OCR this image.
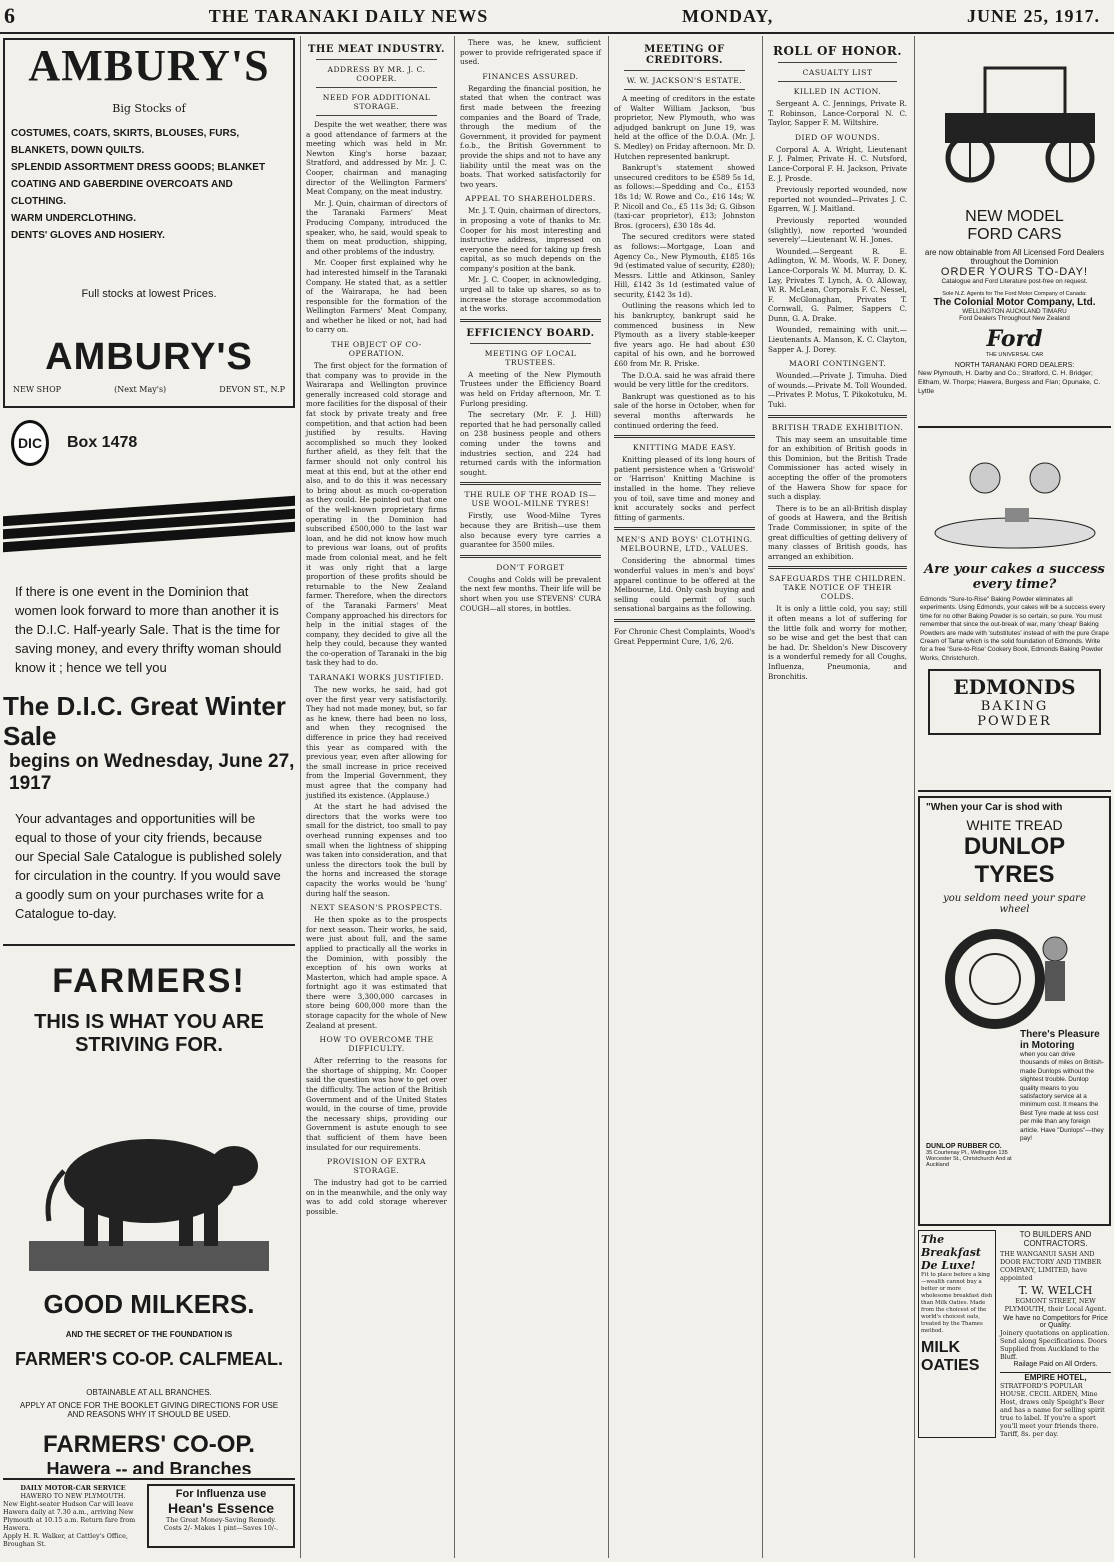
6	THE TARANAKI DAILY NEWS	MONDAY,	JUNE 25, 1917.
AMBURY'S
Big Stocks of
COSTUMES, COATS, SKIRTS, BLOUSES, FURS,
BLANKETS, DOWN QUILTS.
SPLENDID ASSORTMENT DRESS GOODS; BLANKET COATING AND GABERDINE OVERCOATS AND CLOTHING.
WARM UNDERCLOTHING.
DENTS' GLOVES AND HOSIERY.
Full stocks at lowest Prices.
AMBURY'S
NEW SHOP	(Next May's)	DEVON ST., N.P
DIC	Box 1478
If there is one event in the Dominion that women look forward to more than another it is the D.I.C. Half-yearly Sale. That is the time for saving money, and every thrifty woman should know it ; hence we tell you
The D.I.C. Great Winter Sale
begins on Wednesday, June 27, 1917
Your advantages and opportunities will be equal to those of your city friends, because our Special Sale Catalogue is published solely for circulation in the country. If you would save a goodly sum on your purchases write for a Catalogue to-day.
FARMERS!
THIS IS WHAT YOU ARE
STRIVING FOR.
GOOD MILKERS.
AND THE SECRET OF THE FOUNDATION IS
FARMER'S CO-OP. CALFMEAL.
OBTAINABLE AT ALL BRANCHES.
APPLY AT ONCE FOR THE BOOKLET GIVING DIRECTIONS FOR USE AND REASONS WHY IT SHOULD BE USED.
FARMERS' CO-OP.
Hawera -- and Branches
DAILY MOTOR-CAR SERVICE
HAWERO TO NEW PLYMOUTH.
New Eight-seater Hudson Car will leave Hawera daily at 7.30 a.m., arriving New Plymouth at 10.15 a.m. Return fare from Hawera.
Apply H. R. Walker, at Cattley's Office, Broughan St.
For Influenza use
Hean's Essence
The Great Money-Saving Remedy.
Costs 2/- Makes 1 pint—Saves 10/-.
THE MEAT INDUSTRY.
ADDRESS BY MR. J. C. COOPER.
NEED FOR ADDITIONAL STORAGE.

Despite the wet weather, there was a good attendance of farmers at the meeting which was held in Mr. Newton King's horse bazaar, Stratford, and addressed by Mr. J. C. Cooper, chairman and managing director of the Wellington Farmers' Meat Company, on the meat industry.

Mr. J. Quin, chairman of directors of the Taranaki Farmers' Meat Producing Company, introduced the speaker, who, he said, would speak to them on meat production, shipping, and other problems of the industry.

Mr. Cooper first explained why he had interested himself in the Taranaki Company. He stated that, as a settler of the Wairarapa, he had been responsible for the formation of the Wellington Farmers' Meat Company, and whether he liked or not, had had to carry on.

THE OBJECT OF CO-OPERATION.

The first object for the formation of that company was to provide in the Wairarapa and Wellington province generally increased cold storage and more facilities for the disposal of their fat stock by private treaty and free competition, and that action had been justified by results. Having accomplished so much they looked further afield, as they felt that the farmer should not only control his meat at this end, but at the other end also, and to do this it was necessary to bring about as much co-operation as they could. He pointed out that one of the well-known proprietary firms operating in the Dominion had subscribed £500,000 to the last war loan, and he did not know how much to previous war loans, out of profits made from colonial meat, and he felt it was only right that a large proportion of these profits should be returnable to the New Zealand farmer. Therefore, when the directors of the Taranaki Farmers' Meat Company approached his directors for help in the initial stages of the company, they decided to give all the help they could, because they wanted the co-operation of Taranaki in the big task they had to do.

TARANAKI WORKS JUSTIFIED.

The new works, he said, had got over the first year very satisfactorily. They had not made money, but, so far as he knew, there had been no loss, and when they recognised the difference in price they had received this year as compared with the previous year, even after allowing for the small increase in price received from the Imperial Government, they must agree that the company had justified its existence. (Applause.)

At the start he had advised the directors that the works were too small for the district, too small to pay overhead running expenses and too small when the lightness of shipping was taken into consideration, and that unless the directors took the bull by the horns and increased the storage capacity the works would be 'hung' during half the season.

NEXT SEASON'S PROSPECTS.

He then spoke as to the prospects for next season. Their works, he said, were just about full, and the same applied to practically all the works in the Dominion, with possibly the exception of his own works at Masterton, which had ample space. A fortnight ago it was estimated that there were 3,300,000 carcases in store being 600,000 more than the storage capacity for the whole of New Zealand at present.

HOW TO OVERCOME THE DIFFICULTY.

After referring to the reasons for the shortage of shipping, Mr. Cooper said the question was how to get over the difficulty. The action of the British Government and of the United States would, in the course of time, provide the necessary ships, providing our Government is astute enough to see that sufficient of them have been insulated for our requirements.

PROVISION OF EXTRA STORAGE.

The industry had got to be carried on in the meanwhile, and the only way was to add cold storage wherever possible.

There was, he knew, sufficient power to provide refrigerated space if used.

FINANCES ASSURED.

Regarding the financial position, he stated that when the contract was first made between the freezing companies and the Board of Trade, through the medium of the Government, it provided for payment f.o.b., the British Government to provide the ships and not to have any liability until the meat was on the boats. That worked satisfactorily for two years.

APPEAL TO SHAREHOLDERS.

Mr. J. T. Quin, chairman of directors, in proposing a vote of thanks to Mr. Cooper for his most interesting and instructive address, impressed on everyone the need for taking up fresh capital, as so much depends on the company's position at the bank.

Mr. J. C. Cooper, in acknowledging, urged all to take up shares, so as to increase the storage accommodation at the works.

EFFICIENCY BOARD.
MEETING OF LOCAL TRUSTEES.

A meeting of the New Plymouth Trustees under the Efficiency Board was held on Friday afternoon, Mr. T. Furlong presiding.

The secretary (Mr. F. J. Hill) reported that he had personally called on 238 business people and others coming under the towns and industries section, and 224 had returned cards with the information sought.

THE RULE OF THE ROAD IS—USE WOOL-MILNE TYRES!

Firstly, use Wood-Milne Tyres because they are British—use them also because every tyre carries a guarantee for 3500 miles.

DON'T FORGET

Coughs and Colds will be prevalent the next few months. Their life will be short when you use STEVENS' CURA COUGH—all stores, in bottles.

MEETING OF CREDITORS.
W. W. JACKSON'S ESTATE.

A meeting of creditors in the estate of Walter William Jackson, 'bus proprietor, New Plymouth, who was adjudged bankrupt on June 19, was held at the office of the D.O.A. (Mr. J. S. Medley) on Friday afternoon. Mr. D. Hutchen represented bankrupt.

Bankrupt's statement showed unsecured creditors to be £589 5s 1d, as follows:—Spedding and Co., £153 18s 1d; W. Rowe and Co., £16 14s; W. P. Nicoll and Co., £5 11s 3d; G. Gibson (taxi-car proprietor), £13; Johnston Bros. (grocers), £30 18s 4d.

The secured creditors were stated as follows:—Mortgage, Loan and Agency Co., New Plymouth, £185 16s 9d (estimated value of security, £280); Messrs. Little and Atkinson, Sanley Hill, £142 3s 1d (estimated value of security, £142 3s 1d).

Outlining the reasons which led to his bankruptcy, bankrupt said he commenced business in New Plymouth as a livery stable-keeper five years ago. He had about £30 capital of his own, and he borrowed £60 from Mr. R. Priske.

The D.O.A. said he was afraid there would be very little for the creditors.

Bankrupt was questioned as to his sale of the horse in October, when for several months afterwards he continued ordering the feed.

KNITTING MADE EASY.

Knitting pleased of its long hours of patient persistence when a 'Griswold' or 'Harrison' Knitting Machine is installed in the home. They relieve you of toil, save time and money and knit accurately socks and perfect fitting of garments.

MEN'S AND BOYS' CLOTHING. MELBOURNE, LTD., VALUES.

Considering the abnormal times wonderful values in men's and boys' apparel continue to be offered at the Melbourne, Ltd. Only cash buying and selling could permit of such sensational bargains as the following.

For Chronic Chest Complaints, Wood's Great Peppermint Cure, 1/6, 2/6.

ROLL OF HONOR.
CASUALTY LIST
KILLED IN ACTION.

Sergeant A. C. Jennings, Private R. T. Robinson, Lance-Corporal N. C. Taylor, Sapper F. M. Wiltshire.

DIED OF WOUNDS.

Corporal A. A. Wright, Lieutenant F. J. Palmer, Private H. C. Nutsford, Lance-Corporal F. H. Jackson, Private E. J. Prosde.

Previously reported wounded, now reported not wounded—Privates J. C. Egarren, W. J. Maitland.

Previously reported wounded (slightly), now reported 'wounded severely'—Lieutenant W. H. Jones.

Wounded.—Sergeant R. E. Adlington, W. M. Woods, W. F. Doney, Lance-Corporals W. M. Murray, D. K. Lay, Privates T. Lynch, A. O. Alloway, W. R. McLean, Corporals F. C. Nessel, F. McGlonaghan, Privates T. Cornwall, G. Palmer, Sappers C. Dunn, G. A. Drake.

Wounded, remaining with unit.—Lieutenants A. Manson, K. C. Clayton, Sapper A. J. Dorey.

MAORI CONTINGENT.

Wounded.—Private J. Timuha. Died of wounds.—Private M. Toll Wounded.—Privates P. Motus, T. Pikokotuku, M. Tuki.

BRITISH TRADE EXHIBITION.

This may seem an unsuitable time for an exhibition of British goods in this Dominion, but the British Trade Commissioner has acted wisely in accepting the offer of the promoters of the Hawera Show for space for such a display.

There is to be an all-British display of goods at Hawera, and the British Trade Commissioner, in spite of the great difficulties of getting delivery of many classes of British goods, has arranged an exhibition.

SAFEGUARDS THE CHILDREN. TAKE NOTICE OF THEIR COLDS.

It is only a little cold, you say; still it often means a lot of suffering for the little folk and worry for mother, so be wise and get the best that can be had. Dr. Sheldon's New Discovery is a wonderful remedy for all Coughs, Influenza, Pneumonia, and Bronchitis.

NEW MODEL
FORD CARS
are now obtainable from All Licensed Ford Dealers throughout the Dominion
ORDER YOURS TO-DAY!
Catalogue and Ford Literature post-free on request.
Sole N.Z. Agents for The Ford Motor Company of Canada:
The Colonial Motor Company, Ltd.
WELLINGTON AUCKLAND TIMARU
Ford Dealers Throughout New Zealand
Ford
THE UNIVERSAL CAR
NORTH TARANAKI FORD DEALERS:
New Plymouth, H. Darby and Co.; Stratford, C. H. Bridger; Eltham, W. Thorpe; Hawera, Burgess and Flan; Opunake, C. Lyttle
Are your cakes a success every time?
Edmonds "Sure-to-Rise" Baking Powder eliminates all experiments. Using Edmonds, your cakes will be a success every time for no other Baking Powder is so certain, so pure. You must remember that since the out-break of war, many 'cheap' Baking Powders are made with 'substitutes' instead of with the pure Grape Cream of Tartar which is the solid foundation of Edmonds. Write for a free 'Sure-to-Rise' Cookery Book, Edmonds Baking Powder Works, Christchurch.
EDMONDS
BAKING
POWDER
"When your Car is shod with
WHITE TREAD
DUNLOP
TYRES
you seldom need your spare wheel
There's Pleasure in Motoring
when you can drive thousands of miles on British-made Dunlops without the slightest trouble. Dunlop quality means to you satisfactory service at a minimum cost. It means the Best Tyre made at less cost per mile than any foreign article. Have "Dunlops"—they pay!
DUNLOP RUBBER CO.
35 Courtenay Pl., Wellington 135 Worcester St., Christchurch And at Auckland
The Breakfast De Luxe!
Fit to place before a king—wealth cannot buy a better or more wholesome breakfast dish than Milk Oaties. Made from the choicest of the world's choicest oats, treated by the Thames method.
MILK OATIES
TO BUILDERS AND CONTRACTORS.
THE WANGANUI SASH AND DOOR FACTORY AND TIMBER COMPANY, LIMITED, have appointed
T. W. WELCH
EGMONT STREET, NEW PLYMOUTH, their Local Agent.
We have no Competitors for Price or Quality.
Joinery quotations on application. Send along Specifications. Doors Supplied from Auckland to the Bluff.
Railage Paid on All Orders.
EMPIRE HOTEL,
STRATFORD'S POPULAR HOUSE. CECIL ARDEN, Mine Host, draws only Speight's Beer and has a name for selling spirit true to label. If you're a sport you'll meet your friends there. Tariff, 8s. per day.
